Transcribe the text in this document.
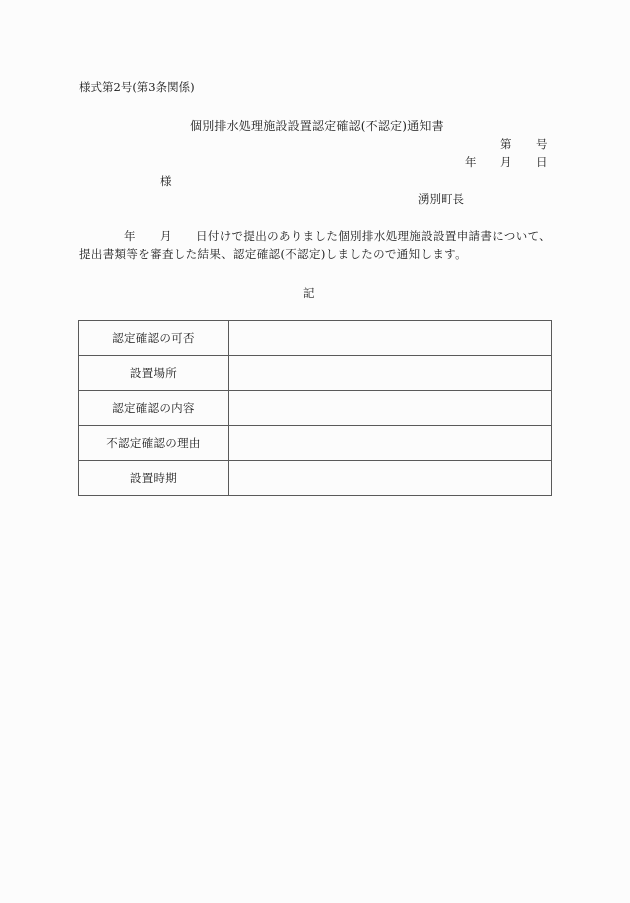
様式第2号(第3条関係)
個別排水処理施設設置認定確認(不認定)通知書
第 号
年 月 日
様
湧別町長
年 月 日付けで提出のありました個別排水処理施設設置申請書について、
提出書類等を審査した結果、認定確認(不認定)しましたので通知します。
記
認定確認の可否	
設置場所	
認定確認の内容	
不認定確認の理由	
設置時期	
